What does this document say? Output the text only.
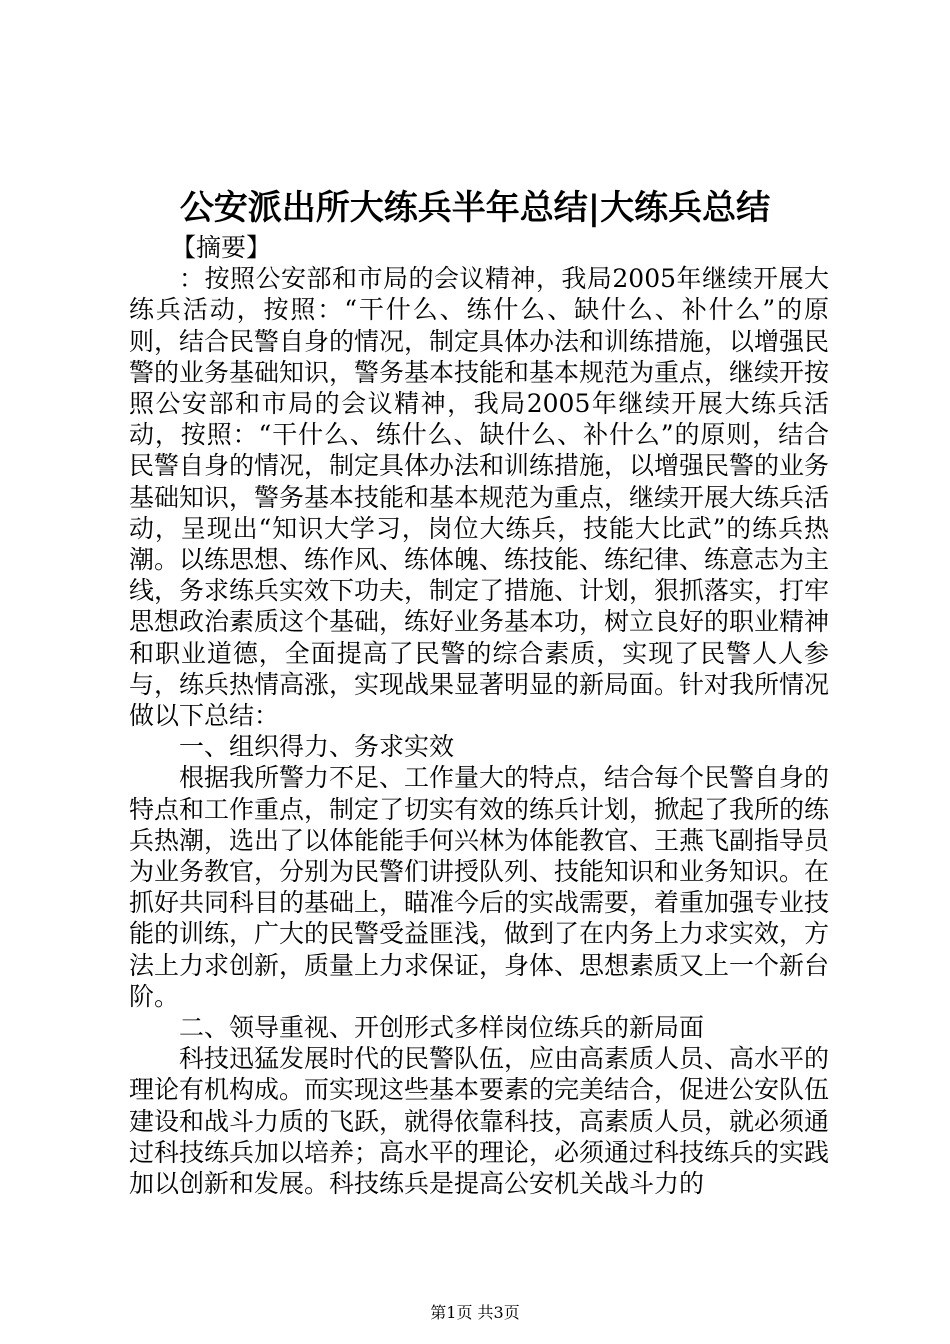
公安派出所大练兵半年总结|大练兵总结

【摘要】

：按照公安部和市局的会议精神，我局2005年继续开展大练兵活动，按照：“干什么、练什么、缺什么、补什么”的原则，结合民警自身的情况，制定具体办法和训练措施，以增强民警的业务基础知识，警务基本技能和基本规范为重点，继续开按照公安部和市局的会议精神，我局2005年继续开展大练兵活动，按照：“干什么、练什么、缺什么、补什么”的原则，结合民警自身的情况，制定具体办法和训练措施，以增强民警的业务基础知识，警务基本技能和基本规范为重点，继续开展大练兵活动，呈现出“知识大学习，岗位大练兵，技能大比武”的练兵热潮。以练思想、练作风、练体魄、练技能、练纪律、练意志为主线，务求练兵实效下功夫，制定了措施、计划，狠抓落实，打牢思想政治素质这个基础，练好业务基本功，树立良好的职业精神和职业道德，全面提高了民警的综合素质，实现了民警人人参与，练兵热情高涨，实现战果显著明显的新局面。针对我所情况做以下总结：

一、组织得力、务求实效

根据我所警力不足、工作量大的特点，结合每个民警自身的特点和工作重点，制定了切实有效的练兵计划，掀起了我所的练兵热潮，选出了以体能能手何兴林为体能教官、王燕飞副指导员为业务教官，分别为民警们讲授队列、技能知识和业务知识。在抓好共同科目的基础上，瞄准今后的实战需要，着重加强专业技能的训练，广大的民警受益匪浅，做到了在内务上力求实效，方法上力求创新，质量上力求保证，身体、思想素质又上一个新台阶。

二、领导重视、开创形式多样岗位练兵的新局面

科技迅猛发展时代的民警队伍，应由高素质人员、高水平的理论有机构成。而实现这些基本要素的完美结合，促进公安队伍建设和战斗力质的飞跃，就得依靠科技，高素质人员，就必须通过科技练兵加以培养；高水平的理论，必须通过科技练兵的实践加以创新和发展。科技练兵是提高公安机关战斗力的

第1页 共3页
